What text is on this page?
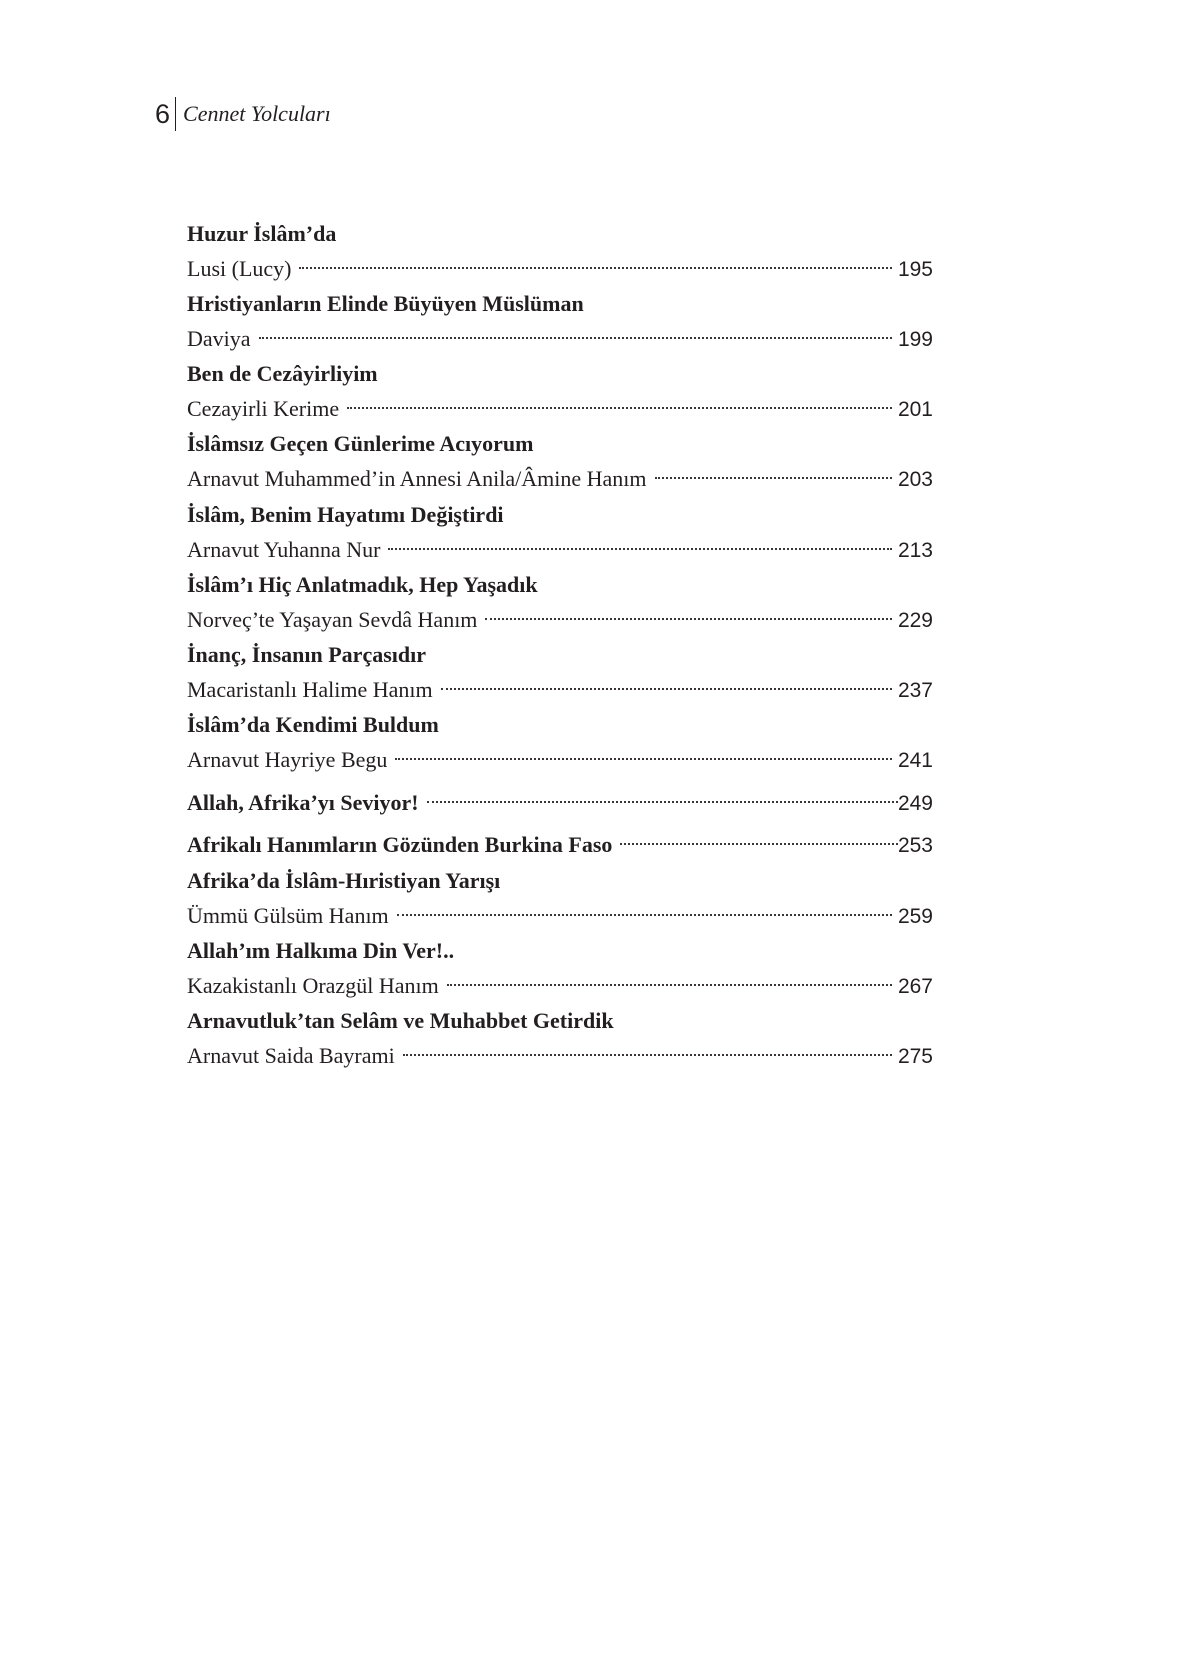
6 Cennet Yolcuları
Huzur İslâm’da
Lusi (Lucy)	195
Hristiyanların Elinde Büyüyen Müslüman
Daviya	199
Ben de Cezâyirliyim
Cezayirli Kerime	201
İslâmsız Geçen Günlerime Acıyorum
Arnavut Muhammed’in Annesi Anila/Âmine Hanım	203
İslâm, Benim Hayatımı Değiştirdi
Arnavut Yuhanna Nur	213
İslâm’ı Hiç Anlatmadık, Hep Yaşadık
Norveç’te Yaşayan Sevdâ Hanım	229
İnanç, İnsanın Parçasıdır
Macaristanlı Halime Hanım	237
İslâm’da Kendimi Buldum
Arnavut Hayriye Begu	241
Allah, Afrika’yı Seviyor!	249
Afrikalı Hanımların Gözünden Burkina Faso	253
Afrika’da İslâm-Hıristiyan Yarışı
Ümmü Gülsüm Hanım	259
Allah’ım Halkıma Din Ver!..
Kazakistanlı Orazgül Hanım	267
Arnavutluk’tan Selâm ve Muhabbet Getirdik
Arnavut Saida Bayrami	275
